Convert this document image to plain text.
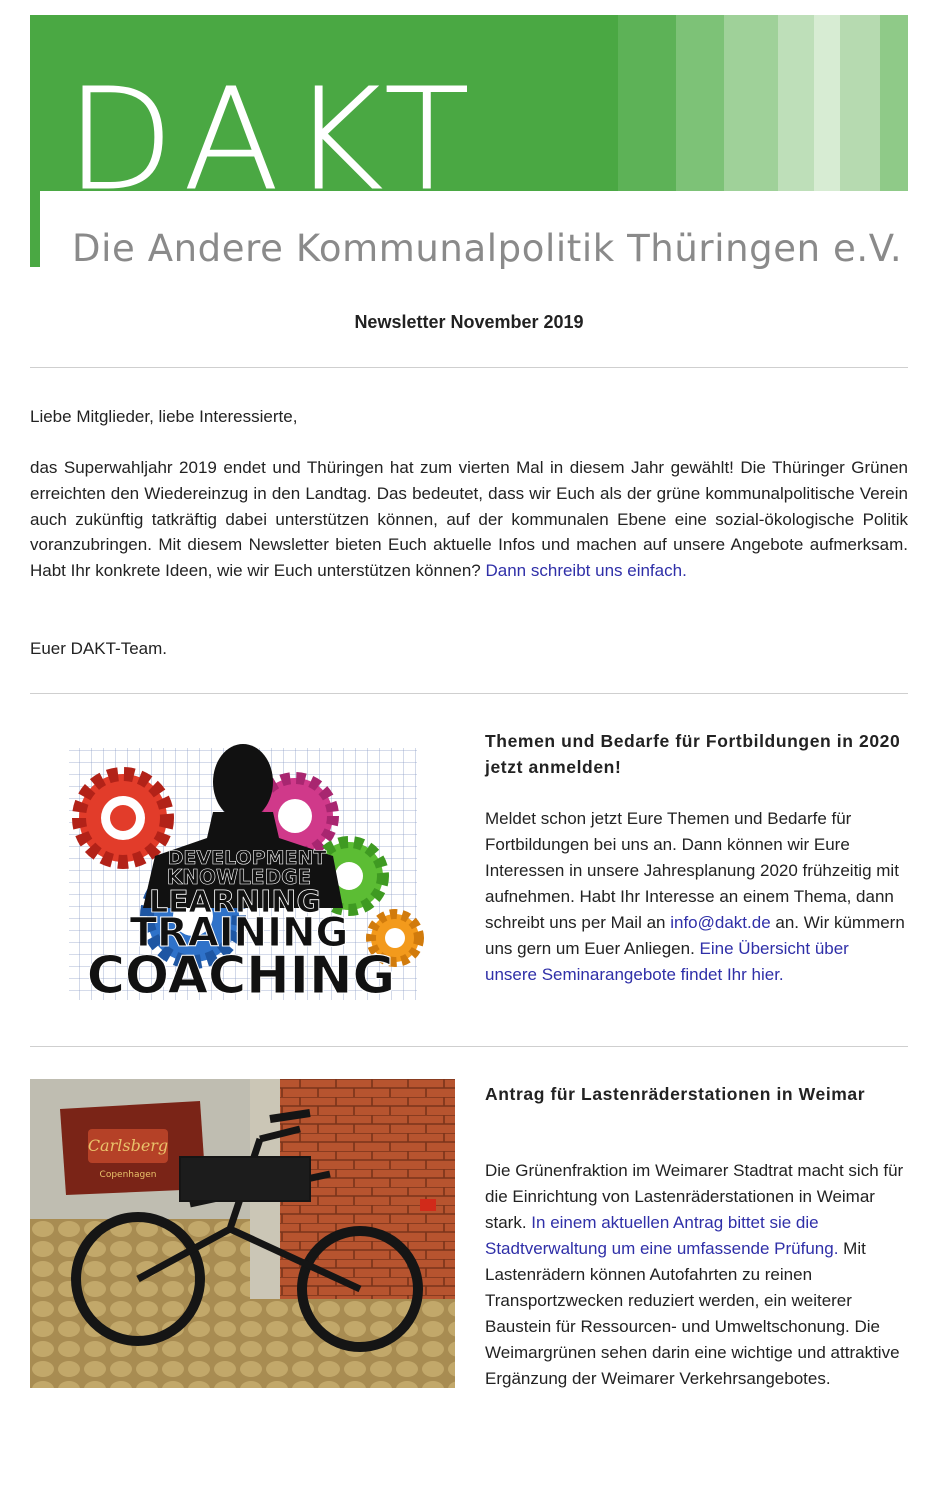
DAKT
Die Andere Kommunalpolitik Thüringen e.V.
Newsletter November 2019

Liebe Mitglieder, liebe Interessierte,

das Superwahljahr 2019 endet und Thüringen hat zum vierten Mal in diesem Jahr gewählt! Die Thüringer Grünen erreichten den Wiedereinzug in den Landtag. Das bedeutet, dass wir Euch als der grüne kommunalpolitische Verein auch zukünftig tatkräftig dabei unterstützen können, auf der kommunalen Ebene eine sozial-ökologische Politik voranzubringen. Mit diesem Newsletter bieten Euch aktuelle Infos und machen auf unsere Angebote aufmerksam. Habt Ihr konkrete Ideen, wie wir Euch unterstützen können? Dann schreibt uns einfach.

Euer DAKT-Team.

DEVELOPMENT
KNOWLEDGE
LEARNING
TRAINING
COACHING
Themen und Bedarfe für Fortbildungen in 2020 jetzt anmelden!

Meldet schon jetzt Eure Themen und Bedarfe für Fortbildungen bei uns an. Dann können wir Eure Interessen in unsere Jahresplanung 2020 frühzeitig mit aufnehmen. Habt Ihr Interesse an einem Thema, dann schreibt uns per Mail an info@dakt.de an. Wir kümmern uns gern um Euer Anliegen. Eine Übersicht über unsere Seminarangebote findet Ihr hier.

Carlsberg
Copenhagen
Antrag für Lastenräderstationen in Weimar

Die Grünenfraktion im Weimarer Stadtrat macht sich für die Einrichtung von Lastenräderstationen in Weimar stark. In einem aktuellen Antrag bittet sie die Stadtverwaltung um eine umfassende Prüfung. Mit Lastenrädern können Autofahrten zu reinen Transportzwecken reduziert werden, ein weiterer Baustein für Ressourcen- und Umweltschonung. Die Weimargrünen sehen darin eine wichtige und attraktive Ergänzung der Weimarer Verkehrsangebotes.
